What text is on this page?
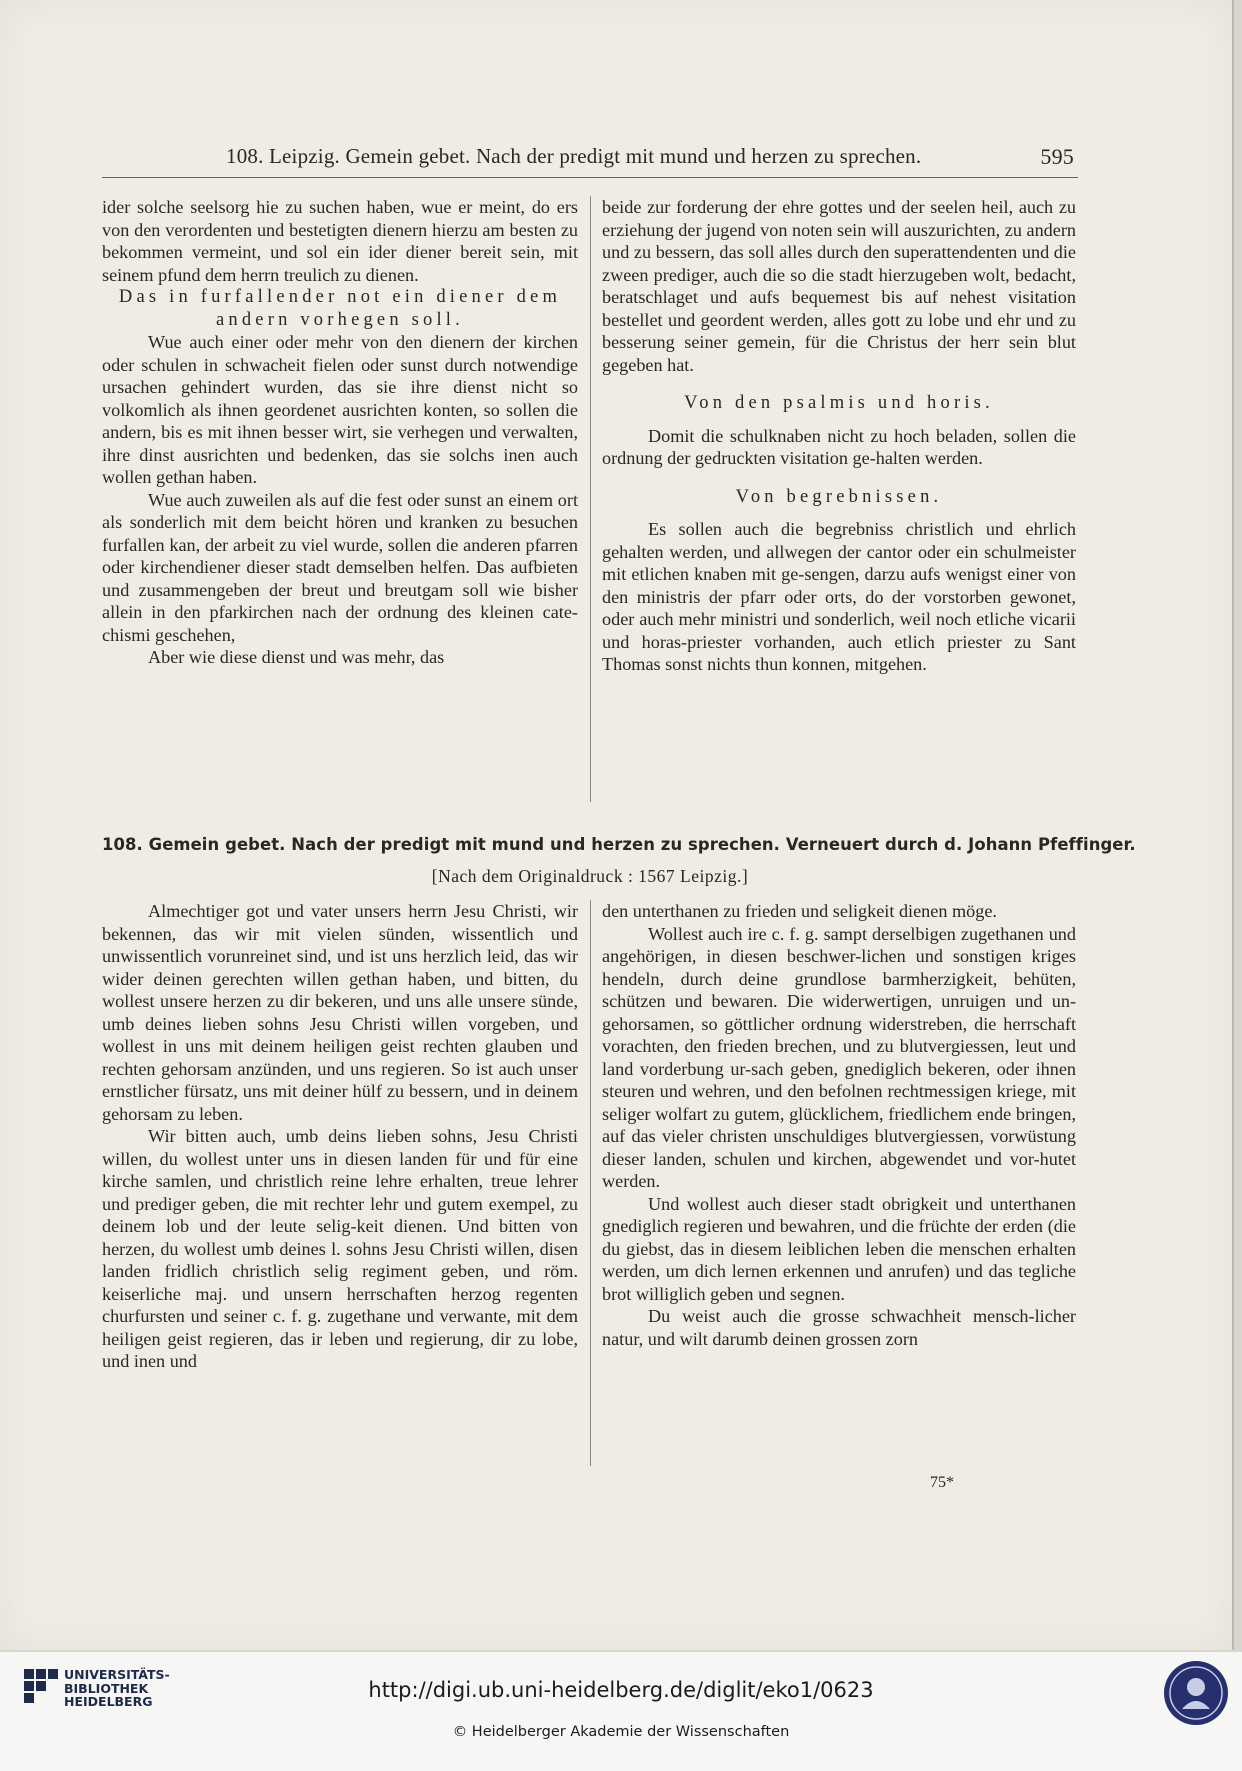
108. Leipzig. Gemein gebet. Nach der predigt mit mund und herzen zu sprechen.	595

ider solche seelsorg hie zu suchen haben, wue er meint, do ers von den verordenten und bestetigten dienern hierzu am besten zu bekommen vermeint, und sol ein ider diener bereit sein, mit seinem pfund dem herrn treulich zu dienen.

Das in furfallender not ein diener dem andern vorhegen soll.

Wue auch einer oder mehr von den dienern der kirchen oder schulen in schwacheit fielen oder sunst durch notwendige ursachen gehindert wurden, das sie ihre dienst nicht so volkomlich als ihnen geordenet ausrichten konten, so sollen die andern, bis es mit ihnen besser wirt, sie verhegen und verwalten, ihre dinst ausrichten und bedenken, das sie solchs inen auch wollen gethan haben.

Wue auch zuweilen als auf die fest oder sunst an einem ort als sonderlich mit dem beicht hören und kranken zu besuchen furfallen kan, der arbeit zu viel wurde, sollen die anderen pfarren oder kirchendiener dieser stadt demselben helfen. Das aufbieten und zusammengeben der breut und breutgam soll wie bisher allein in den pfarkirchen nach der ordnung des kleinen cate-chismi geschehen,

Aber wie diese dienst und was mehr, das

beide zur forderung der ehre gottes und der seelen heil, auch zu erziehung der jugend von noten sein will auszurichten, zu andern und zu bessern, das soll alles durch den superattendenten und die zween prediger, auch die so die stadt hierzugeben wolt, bedacht, beratschlaget und aufs bequemest bis auf nehest visitation bestellet und geordent werden, alles gott zu lobe und ehr und zu besserung seiner gemein, für die Christus der herr sein blut gegeben hat.

Von den psalmis und horis.

Domit die schulknaben nicht zu hoch beladen, sollen die ordnung der gedruckten visitation ge-halten werden.

Von begrebnissen.

Es sollen auch die begrebniss christlich und ehrlich gehalten werden, und allwegen der cantor oder ein schulmeister mit etlichen knaben mit ge-sengen, darzu aufs wenigst einer von den ministris der pfarr oder orts, do der vorstorben gewonet, oder auch mehr ministri und sonderlich, weil noch etliche vicarii und horas-priester vorhanden, auch etlich priester zu Sant Thomas sonst nichts thun konnen, mitgehen.

108. Gemein gebet. Nach der predigt mit mund und herzen zu sprechen. Verneuert durch d. Johann Pfeffinger.
[Nach dem Originaldruck : 1567 Leipzig.]

Almechtiger got und vater unsers herrn Jesu Christi, wir bekennen, das wir mit vielen sünden, wissentlich und unwissentlich vorunreinet sind, und ist uns herzlich leid, das wir wider deinen gerechten willen gethan haben, und bitten, du wollest unsere herzen zu dir bekeren, und uns alle unsere sünde, umb deines lieben sohns Jesu Christi willen vorgeben, und wollest in uns mit deinem heiligen geist rechten glauben und rechten gehorsam anzünden, und uns regieren. So ist auch unser ernstlicher fürsatz, uns mit deiner hülf zu bessern, und in deinem gehorsam zu leben.

Wir bitten auch, umb deins lieben sohns, Jesu Christi willen, du wollest unter uns in diesen landen für und für eine kirche samlen, und christlich reine lehre erhalten, treue lehrer und prediger geben, die mit rechter lehr und gutem exempel, zu deinem lob und der leute selig-keit dienen. Und bitten von herzen, du wollest umb deines l. sohns Jesu Christi willen, disen landen fridlich christlich selig regiment geben, und röm. keiserliche maj. und unsern herrschaften herzog regenten churfursten und seiner c. f. g. zugethane und verwante, mit dem heiligen geist regieren, das ir leben und regierung, dir zu lobe, und inen und

den unterthanen zu frieden und seligkeit dienen möge.

Wollest auch ire c. f. g. sampt derselbigen zugethanen und angehörigen, in diesen beschwer-lichen und sonstigen kriges hendeln, durch deine grundlose barmherzigkeit, behüten, schützen und bewaren. Die widerwertigen, unruigen und un-gehorsamen, so göttlicher ordnung widerstreben, die herrschaft vorachten, den frieden brechen, und zu blutvergiessen, leut und land vorderbung ur-sach geben, gnediglich bekeren, oder ihnen steuren und wehren, und den befolnen rechtmessigen kriege, mit seliger wolfart zu gutem, glücklichem, friedlichem ende bringen, auf das vieler christen unschuldiges blutvergiessen, vorwüstung dieser landen, schulen und kirchen, abgewendet und vor-hutet werden.

Und wollest auch dieser stadt obrigkeit und unterthanen gnediglich regieren und bewahren, und die früchte der erden (die du giebst, das in diesem leiblichen leben die menschen erhalten werden, um dich lernen erkennen und anrufen) und das tegliche brot williglich geben und segnen.

Du weist auch die grosse schwachheit mensch-licher natur, und wilt darumb deinen grossen zorn

75*
UNIVERSITÄTS-
BIBLIOTHEK
HEIDELBERG	http://digi.ub.uni-heidelberg.de/diglit/eko1/0623
© Heidelberger Akademie der Wissenschaften
